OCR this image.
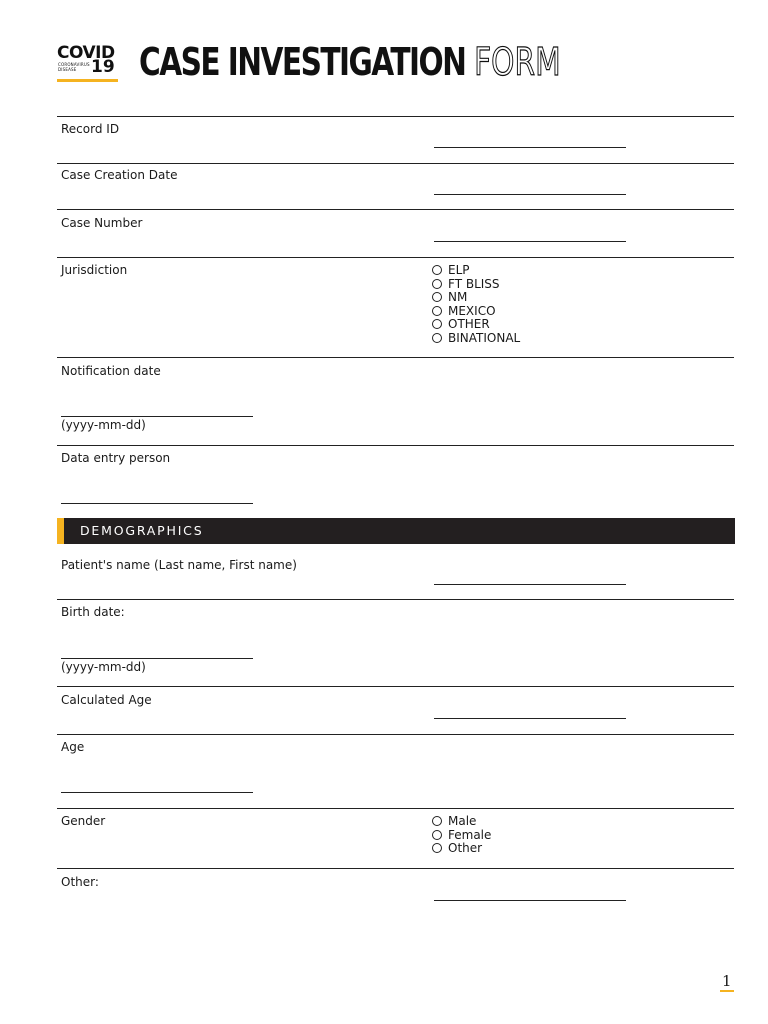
COVID
CORONAVIRUS DISEASE 19 CASE INVESTIGATION FORM
Record ID
Case Creation Date
Case Number
Jurisdiction	ELP
FT BLISS
NM
MEXICO
OTHER
BINATIONAL
Notification date
(yyyy-mm-dd)
Data entry person
DEMOGRAPHICS
Patient's name (Last name, First name)
Birth date:
(yyyy-mm-dd)
Calculated Age
Age
Gender	Male
Female
Other
Other:
1
